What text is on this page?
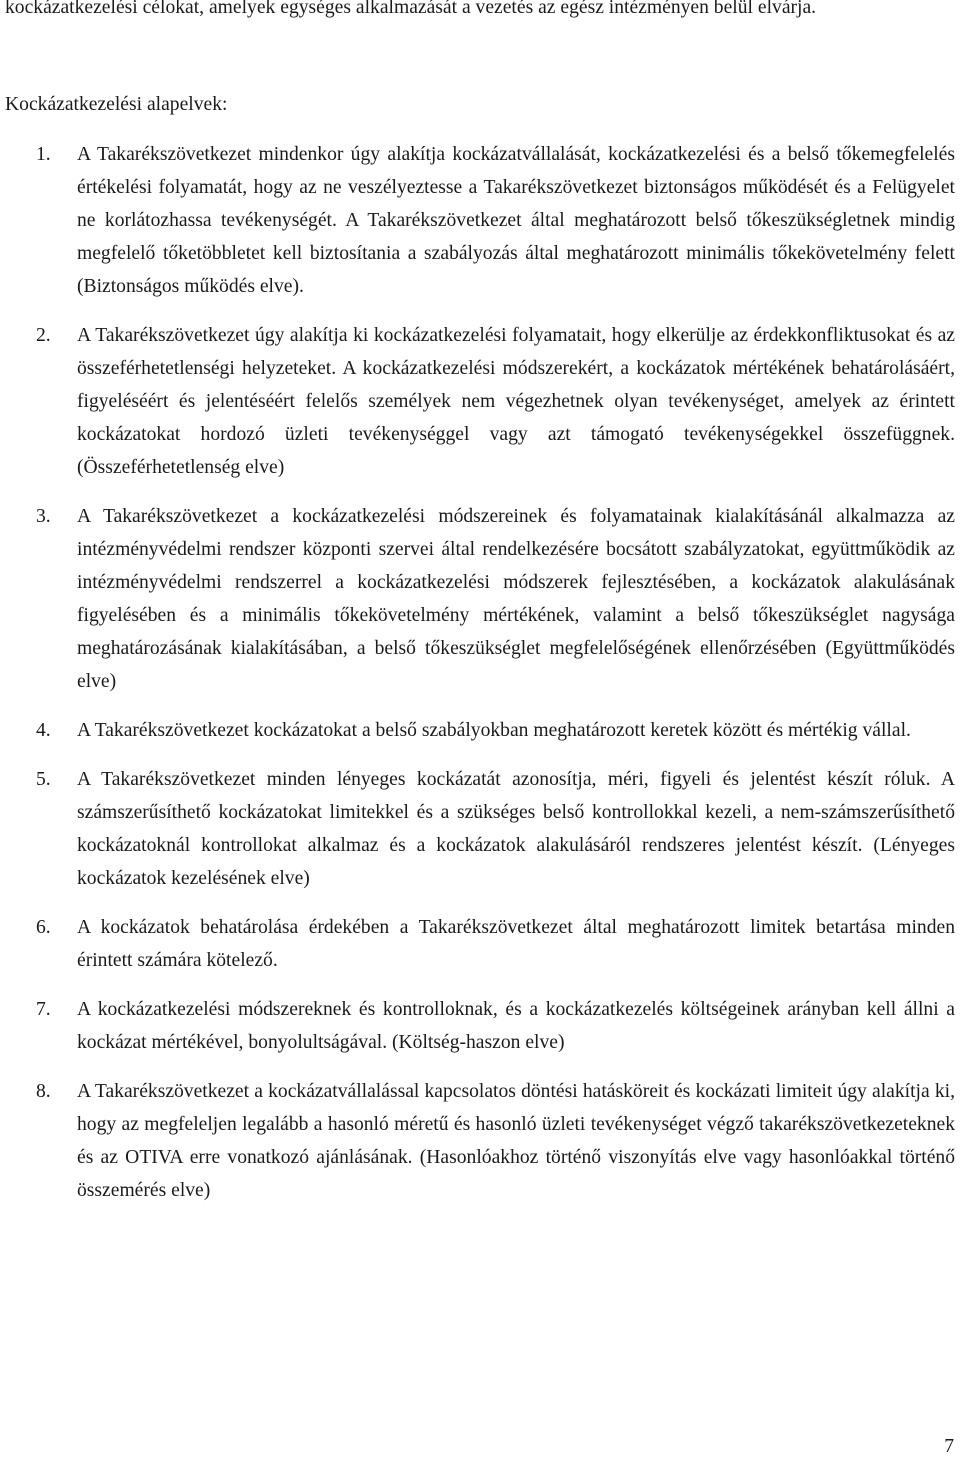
kockázatkezelési célokat, amelyek egységes alkalmazását a vezetés az egész intézményen belül elvárja.

Kockázatkezelési alapelvek:

1.	A Takarékszövetkezet mindenkor úgy alakítja kockázatvállalását, kockázatkezelési és a belső tőkemegfelelés értékelési folyamatát, hogy az ne veszélyeztesse a Takarékszövetkezet biztonságos működését és a Felügyelet ne korlátozhassa tevékenységét. A Takarékszövetkezet által meghatározott belső tőkeszükségletnek mindig megfelelő tőketöbbletet kell biztosítania a szabályozás által meghatározott minimális tőkekövetelmény felett (Biztonságos működés elve).
2.	A Takarékszövetkezet úgy alakítja ki kockázatkezelési folyamatait, hogy elkerülje az érdekkonfliktusokat és az összeférhetetlenségi helyzeteket. A kockázatkezelési módszerekért, a kockázatok mértékének behatárolásáért, figyeléséért és jelentéséért felelős személyek nem végezhetnek olyan tevékenységet, amelyek az érintett kockázatokat hordozó üzleti tevékenységgel vagy azt támogató tevékenységekkel összefüggnek. (Összeférhetetlenség elve)
3.	A Takarékszövetkezet a kockázatkezelési módszereinek és folyamatainak kialakításánál alkalmazza az intézményvédelmi rendszer központi szervei által rendelkezésére bocsátott szabályzatokat, együttműködik az intézményvédelmi rendszerrel a kockázatkezelési módszerek fejlesztésében, a kockázatok alakulásának figyelésében és a minimális tőkekövetelmény mértékének, valamint a belső tőkeszükséglet nagysága meghatározásának kialakításában, a belső tőkeszükséglet megfelelőségének ellenőrzésében (Együttműködés elve)
4.	A Takarékszövetkezet kockázatokat a belső szabályokban meghatározott keretek között és mértékig vállal.
5.	A Takarékszövetkezet minden lényeges kockázatát azonosítja, méri, figyeli és jelentést készít róluk. A számszerűsíthető kockázatokat limitekkel és a szükséges belső kontrollokkal kezeli, a nem-számszerűsíthető kockázatoknál kontrollokat alkalmaz és a kockázatok alakulásáról rendszeres jelentést készít. (Lényeges kockázatok kezelésének elve)
6.	A kockázatok behatárolása érdekében a Takarékszövetkezet által meghatározott limitek betartása minden érintett számára kötelező.
7.	A kockázatkezelési módszereknek és kontrolloknak, és a kockázatkezelés költségeinek arányban kell állni a kockázat mértékével, bonyolultságával. (Költség-haszon elve)
8.	A Takarékszövetkezet a kockázatvállalással kapcsolatos döntési hatásköreit és kockázati limiteit úgy alakítja ki, hogy az megfeleljen legalább a hasonló méretű és hasonló üzleti tevékenységet végző takarékszövetkezeteknek és az OTIVA erre vonatkozó ajánlásának. (Hasonlóakhoz történő viszonyítás elve vagy hasonlóakkal történő összemérés elve)
7
